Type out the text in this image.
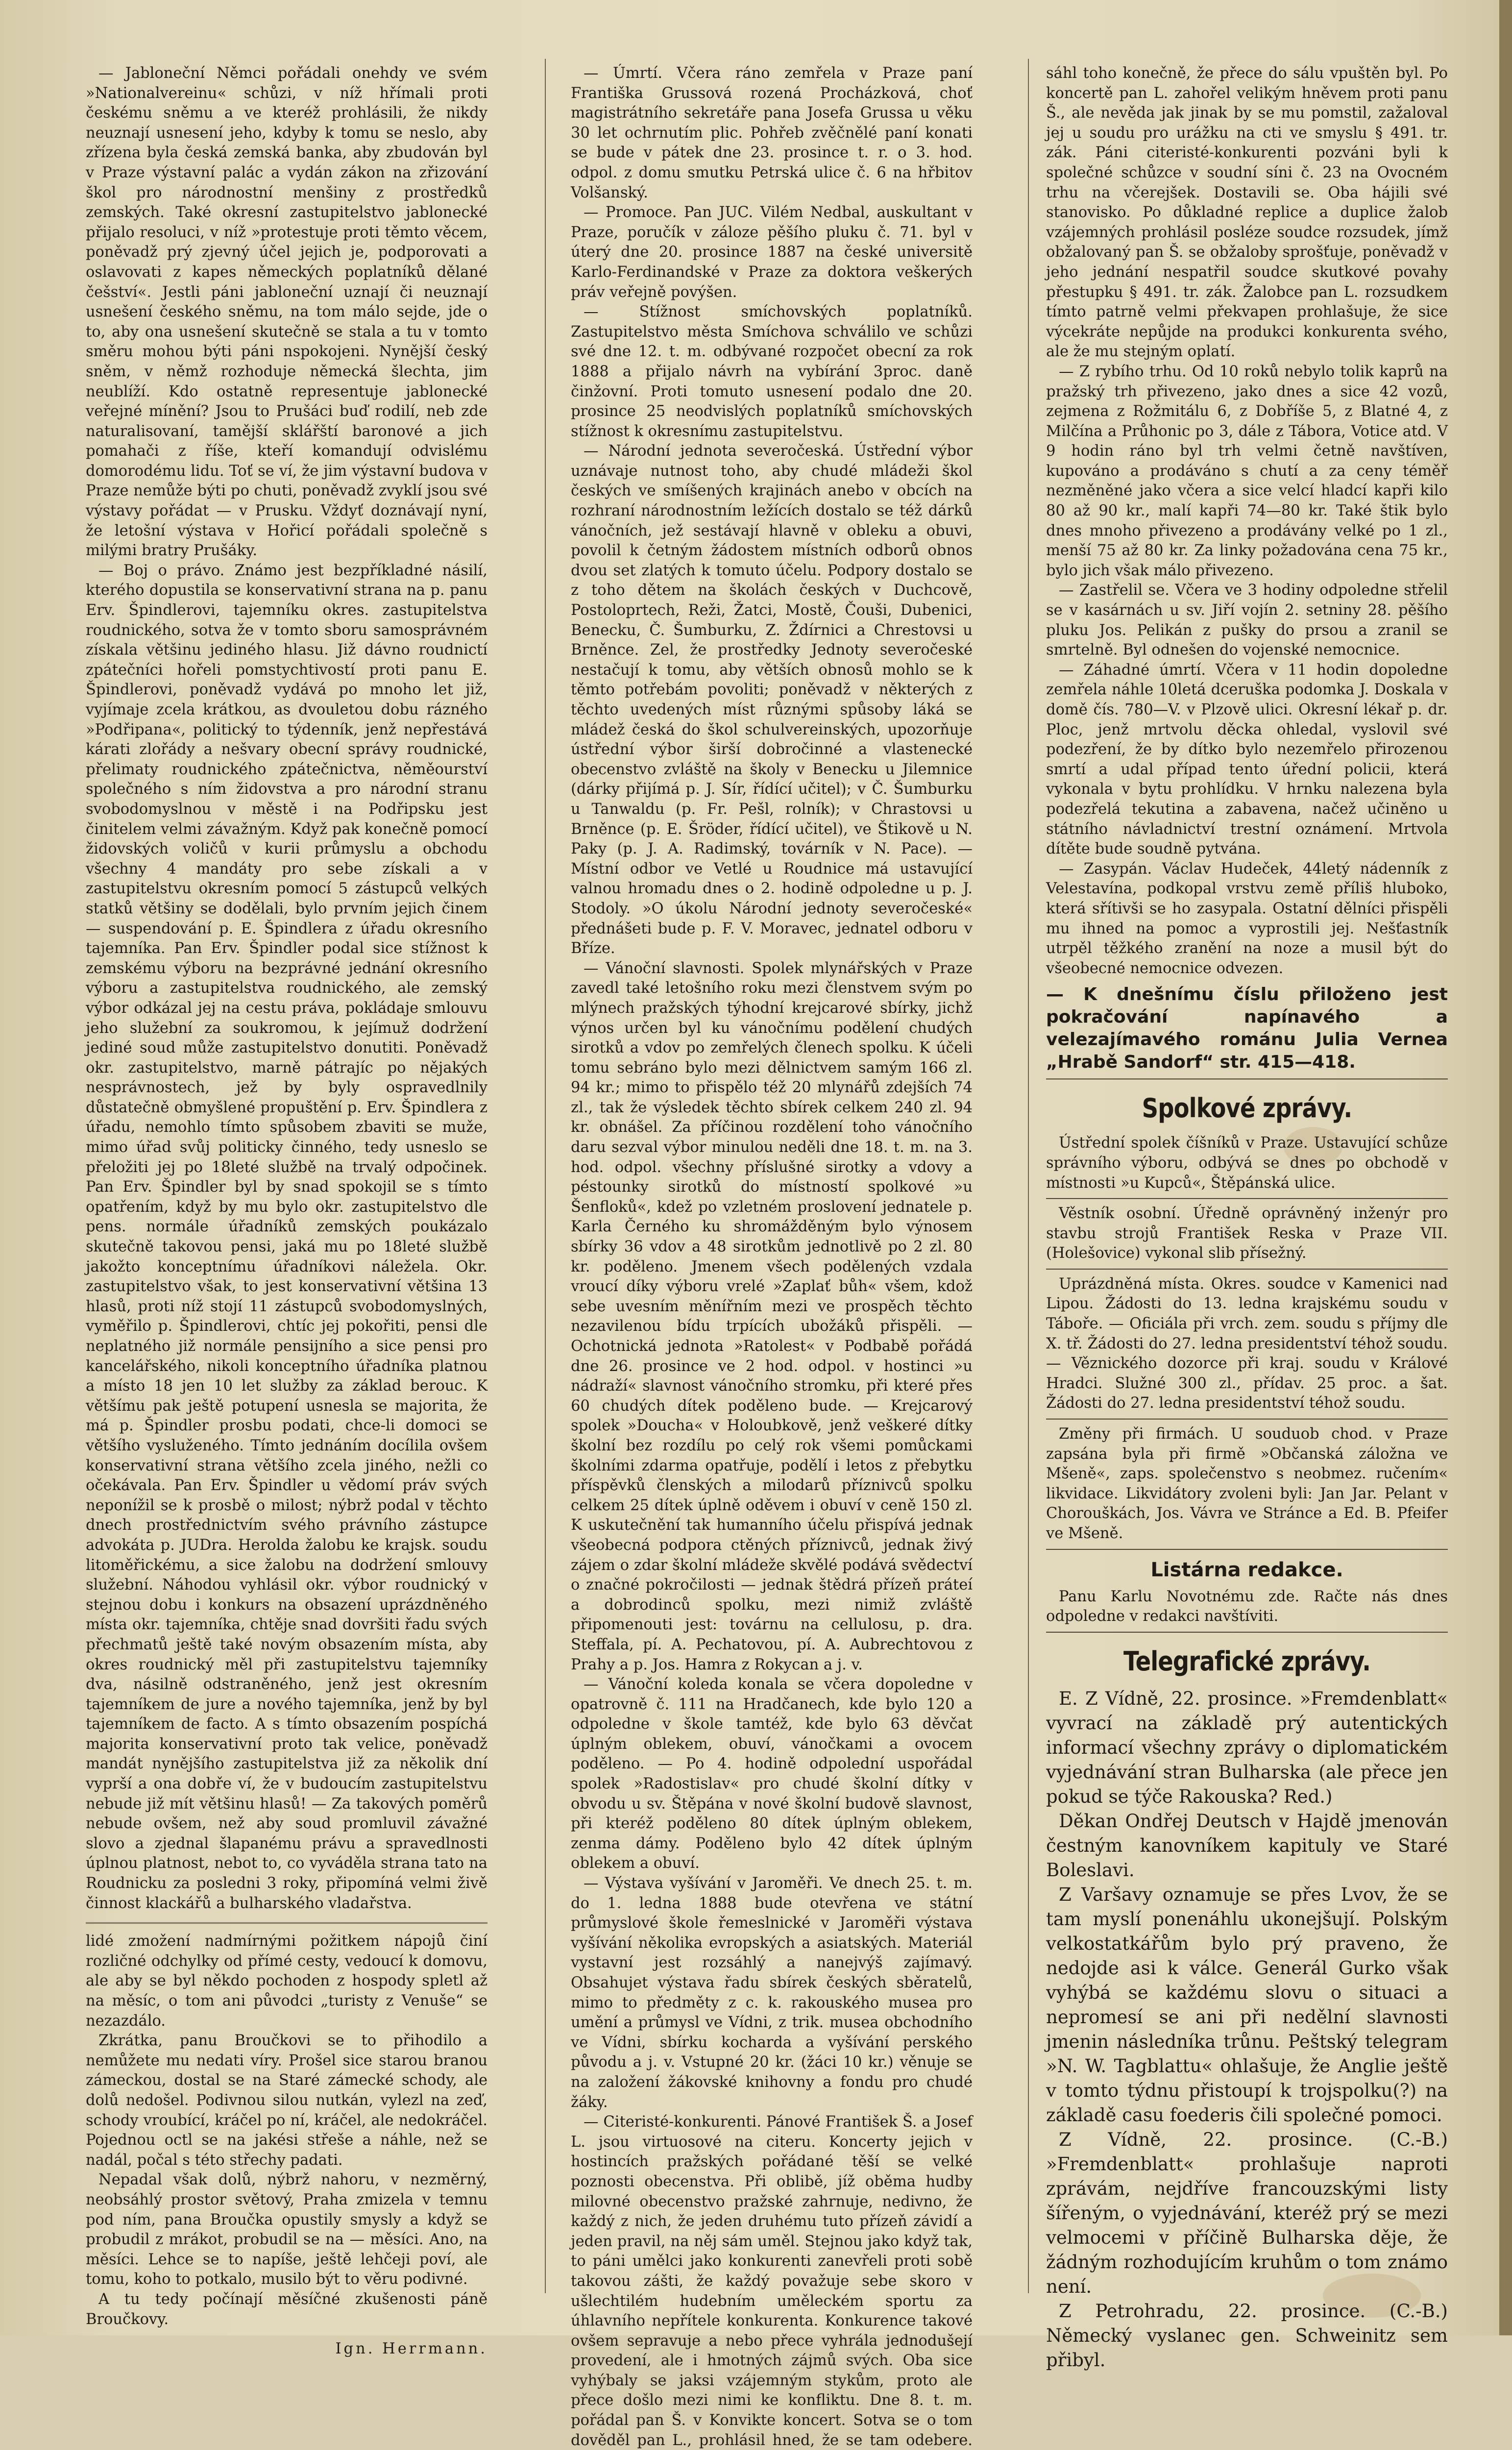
— Jabloneční Němci pořádali onehdy ve svém »Nationalvereinu« schůzi, v níž hřímali proti českému sněmu a ve kteréž prohlásili, že nikdy neuznají usnesení jeho, kdyby k tomu se neslo, aby zřízena byla česká zemská banka, aby zbudován byl v Praze výstavní palác a vydán zákon na zřizování škol pro národnostní menšiny z prostředků zemských. Také okresní zastupitelstvo jablonecké přijalo resoluci, v níž »protestuje proti těmto věcem, poněvadž prý zjevný účel jejich je, podporovati a oslavovati z kapes německých poplatníků dělané češství«. Jestli páni jabloneční uznají či neuznají usnešení českého sněmu, na tom málo sejde, jde o to, aby ona usnešení skutečně se stala a tu v tomto směru mohou býti páni nspokojeni. Nynější český sněm, v němž rozhoduje německá šlechta, jim neublíží. Kdo ostatně representuje jablonecké veřejné mínění? Jsou to Prušáci buď rodilí, neb zde naturalisovaní, tamější sklářští baronové a jich pomahači z říše, kteří komandují odvislému domorodému lidu. Toť se ví, že jim výstavní budova v Praze nemůže býti po chuti, poněvadž zvyklí jsou své výstavy pořádat — v Prusku. Vždyť doznávají nyní, že letošní výstava v Hořicí pořádali společně s milými bratry Prušáky.

— Boj o právo. Známo jest bezpříkladné násilí, kterého dopustila se konservativní strana na p. panu Erv. Špindlerovi, tajemníku okres. zastupitelstva roudnického, sotva že v tomto sboru samosprávném získala většinu jediného hlasu. Již dávno roudnictí zpátečníci hořeli pomstychtivostí proti panu E. Špindlerovi, poněvadž vydává po mnoho let již, vyjímaje zcela krátkou, as dvouletou dobu rázného »Podřipana«, politický to týdenník, jenž nepřestává kárati zlořády a nešvary obecní správy roudnické, přelimaty roudnického zpátečnictva, něměourství společného s ním židovstva a pro národní stranu svobodomyslnou v městě i na Podřipsku jest činitelem velmi závažným. Když pak konečně pomocí židovských voličů v kurii průmyslu a obchodu všechny 4 mandáty pro sebe získali a v zastupitelstvu okresním pomocí 5 zástupců velkých statků většiny se dodělali, bylo prvním jejich činem — suspendování p. E. Špindlera z úřadu okresního tajemníka. Pan Erv. Špindler podal sice stížnost k zemskému výboru na bezprávné jednání okresního výboru a zastupitelstva roudnického, ale zemský výbor odkázal jej na cestu práva, pokládaje smlouvu jeho služební za soukromou, k jejímuž dodržení jediné soud může zastupitelstvo donutiti. Poněvadž okr. zastupitelstvo, marně pátrajíc po nějakých nesprávnostech, jež by byly ospravedlnily důstatečně obmyšlené propuštění p. Erv. Špindlera z úřadu, nemohlo tímto spůsobem zbaviti se muže, mimo úřad svůj politicky činného, tedy usneslo se přeložiti jej po 18leté službě na trvalý odpočinek. Pan Erv. Špindler byl by snad spokojil se s tímto opatřením, když by mu bylo okr. zastupitelstvo dle pens. normále úřadníků zemských poukázalo skutečně takovou pensi, jaká mu po 18leté službě jakožto konceptnímu úřadníkovi náležela. Okr. zastupitelstvo však, to jest konservativní většina 13 hlasů, proti níž stojí 11 zástupců svobodomyslných, vyměřilo p. Špindlerovi, chtíc jej pokořiti, pensi dle neplatného již normále pensijního a sice pensi pro kancelářského, nikoli konceptního úřadníka platnou a místo 18 jen 10 let služby za základ berouc. K většímu pak ještě potupení usnesla se majorita, že má p. Špindler prosbu podati, chce-li domoci se většího vysluženého. Tímto jednáním docílila ovšem konservativní strana většího zcela jiného, nežli co očekávala. Pan Erv. Špindler u vědomí práv svých neponížil se k prosbě o milost; nýbrž podal v těchto dnech prostřednictvím svého právního zástupce advokáta p. JUDra. Herolda žalobu ke krajsk. soudu litoměřickému, a sice žalobu na dodržení smlouvy služební. Náhodou vyhlásil okr. výbor roudnický v stejnou dobu i konkurs na obsazení uprázdněného místa okr. tajemníka, chtěje snad dovršiti řadu svých přechmatů ještě také novým obsazením místa, aby okres roudnický měl při zastupitelstvu tajemníky dva, násilně odstraněného, jenž jest okresním tajemníkem de jure a nového tajemníka, jenž by byl tajemníkem de facto. A s tímto obsazením pospíchá majorita konservativní proto tak velice, poněvadž mandát nynějšího zastupitelstva již za několik dní vyprší a ona dobře ví, že v budoucím zastupitelstvu nebude již mít většinu hlasů! — Za takových poměrů nebude ovšem, než aby soud promluvil závažné slovo a zjednal šlapanému právu a spravedlnosti úplnou platnost, nebot to, co vyváděla strana tato na Roudnicku za posledni 3 roky, připomíná velmi živě činnost klackářů a bulharského vladařstva.

lidé zmožení nadmírnými požitkem nápojů činí rozličné odchylky od přímé cesty, vedoucí k domovu, ale aby se byl někdo pochoden z hospody spletl až na měsíc, o tom ani původci „turisty z Venuše“ se nezazdálo.

Zkrátka, panu Broučkovi se to přihodilo a nemůžete mu nedati víry. Prošel sice starou branou zámeckou, dostal se na Staré zámecké schody, ale dolů nedošel. Podivnou silou nutkán, vylezl na zeď, schody vroubící, kráčel po ní, kráčel, ale nedokráčel. Pojednou octl se na jakési střeše a náhle, než se nadál, počal s této střechy padati.

Nepadal však dolů, nýbrž nahoru, v nezměrný, neobsáhlý prostor světový, Praha zmizela v temnu pod ním, pana Broučka opustily smysly a když se probudil z mrákot, probudil se na — měsíci. Ano, na měsíci. Lehce se to napíše, ještě lehčeji poví, ale tomu, koho to potkalo, musilo být to věru podivné.

A tu tedy počínají měsíčné zkušenosti páně Broučkovy.

Ign. Herrmann.

— Úmrtí. Včera ráno zemřela v Praze paní Františka Grussová rozená Procházková, choť magistrátního sekretáře pana Josefa Grussa u věku 30 let ochrnutím plic. Pohřeb zvěčnělé paní konati se bude v pátek dne 23. prosince t. r. o 3. hod. odpol. z domu smutku Petrská ulice č. 6 na hřbitov Volšanský.

— Promoce. Pan JUC. Vilém Nedbal, auskultant v Praze, poručík v záloze pěšího pluku č. 71. byl v úterý dne 20. prosince 1887 na české universitě Karlo-Ferdinandské v Praze za doktora veškerých práv veřejně povýšen.

— Stížnost smíchovských poplatníků. Zastupitelstvo města Smíchova schválilo ve schůzi své dne 12. t. m. odbývané rozpočet obecní za rok 1888 a přijalo návrh na vybírání 3proc. daně činžovní. Proti tomuto usnesení podalo dne 20. prosince 25 neodvislých poplatníků smíchovských stížnost k okresnímu zastupitelstvu.

— Národní jednota severočeská. Ústřední výbor uznávaje nutnost toho, aby chudé mládeži škol českých ve smíšených krajinách anebo v obcích na rozhraní národnostním ležících dostalo se též dárků vánočních, jež sestávají hlavně v obleku a obuvi, povolil k četným žádostem místních odborů obnos dvou set zlatých k tomuto účelu. Podpory dostalo se z toho dětem na školách českých v Duchcově, Postoloprtech, Reži, Žatci, Mostě, Čouši, Dubenici, Benecku, Č. Šumburku, Z. Ždírnici a Chrestovsi u Brněnce. Zel, že prostředky Jednoty severočeské nestačují k tomu, aby větších obnosů mohlo se k těmto potřebám povoliti; poněvadž v některých z těchto uvedených míst různými spůsoby láká se mládež česká do škol schulvereinských, upozorňuje ústřední výbor širší dobročinné a vlastenecké obecenstvo zvláště na školy v Benecku u Jilemnice (dárky přijímá p. J. Sír, řídící učitel); v Č. Šumburku u Tanwaldu (p. Fr. Pešl, rolník); v Chrastovsi u Brněnce (p. E. Šröder, řídící učitel), ve Štikově u N. Paky (p. J. A. Radimský, továrník v N. Pace). — Místní odbor ve Vetlé u Roudnice má ustavující valnou hromadu dnes o 2. hodině odpoledne u p. J. Stodoly. »O úkolu Národní jednoty severočeské« přednášeti bude p. F. V. Moravec, jednatel odboru v Bříze.

— Vánoční slavnosti. Spolek mlynářských v Praze zavedl také letošního roku mezi členstvem svým po mlýnech pražských týhodní krejcarové sbírky, jichž výnos určen byl ku vánočnímu podělení chudých sirotků a vdov po zemřelých členech spolku. K účeli tomu sebráno bylo mezi dělnictvem samým 166 zl. 94 kr.; mimo to přispělo též 20 mlynářů zdejších 74 zl., tak že výsledek těchto sbírek celkem 240 zl. 94 kr. obnášel. Za příčinou rozdělení toho vánočního daru sezval výbor minulou neděli dne 18. t. m. na 3. hod. odpol. všechny příslušné sirotky a vdovy a péstounky sirotků do místností spolkové »u Šenfloků«, kdež po vzletném proslovení jednatele p. Karla Černého ku shromážděným bylo výnosem sbírky 36 vdov a 48 sirotkům jednotlivě po 2 zl. 80 kr. poděleno. Jmenem všech podělených vzdala vroucí díky výboru vrelé »Zaplať bůh« všem, kdož sebe uvesním měnířním mezi ve prospěch těchto nezavilenou bídu trpících ubožáků přispěli. — Ochotnická jednota »Ratolest« v Podbabě pořádá dne 26. prosince ve 2 hod. odpol. v hostinci »u nádraží« slavnost vánočního stromku, při které přes 60 chudých dítek poděleno bude. — Krejcarový spolek »Doucha« v Holoubkově, jenž veškeré dítky školní bez rozdílu po celý rok všemi pomůckami školními zdarma opatřuje, podělí i letos z přebytku příspěvků členských a milodarů příznivců spolku celkem 25 dítek úplně oděvem i obuví v ceně 150 zl. K uskutečnění tak humanního účelu přispívá jednak všeobecná podpora ctěných příznivců, jednak živý zájem o zdar školní mládeže skvělé podává svědectví o značné pokročilosti — jednak štědrá přízeň práteí a dobrodinců spolku, mezi nimiž zvláště připomenouti jest: továrnu na cellulosu, p. dra. Steffala, pí. A. Pechatovou, pí. A. Aubrechtovou z Prahy a p. Jos. Hamra z Rokycan a j. v.

— Vánoční koleda konala se včera dopoledne v opatrovně č. 111 na Hradčanech, kde bylo 120 a odpoledne v škole tamtéž, kde bylo 63 děvčat úplným oblekem, obuví, vánočkami a ovocem poděleno. — Po 4. hodině odpolední uspořádal spolek »Radostislav« pro chudé školní dítky v obvodu u sv. Štěpána v nové školní budově slavnost, při kteréž poděleno 80 dítek úplným oblekem, zenma dámy. Poděleno bylo 42 dítek úplným oblekem a obuví.

— Výstava vyšívání v Jaroměři. Ve dnech 25. t. m. do 1. ledna 1888 bude otevřena ve státní průmyslové škole řemeslnické v Jaroměři výstava vyšívání několika evropských a asiatských. Materiál vystavní jest rozsáhlý a nanejvýš zajímavý. Obsahujet výstava řadu sbírek českých sběratelů, mimo to předměty z c. k. rakouského musea pro umění a průmysl ve Vídni, z trik. musea obchodního ve Vídni, sbírku kocharda a vyšívání perského původu a j. v. Vstupné 20 kr. (žáci 10 kr.) věnuje se na založení žákovské knihovny a fondu pro chudé žáky.

— Citeristé-konkurenti. Pánové František Š. a Josef L. jsou virtuosové na citeru. Koncerty jejich v hostincích pražských pořádané těší se velké poznosti obecenstva. Při oblibě, jíž oběma hudby milovné obecenstvo pražské zahrnuje, nedivno, že každý z nich, že jeden druhému tuto přízeň závidí a jeden pravil, na něj sám uměl. Stejnou jako když tak, to páni umělci jako konkurenti zanevřeli proti sobě takovou zášti, že každý považuje sebe skoro v ušlechtilém hudebním uměleckém sportu za úhlavního nepřítele konkurenta. Konkurence takové ovšem sepravuje a nebo přece vyhrála jednodušejí provedení, ale i hmotných zájmů svých. Oba sice vyhýbaly se jaksi vzájemným stykům, proto ale přece došlo mezi nimi ke konfliktu. Dne 8. t. m. pořádal pan Š. v Konvikte koncert. Sotva se o tom dověděl pan L., prohlásil hned, že se tam odebere.

sáhl toho konečně, že přece do sálu vpuštěn byl. Po koncertě pan L. zahořel velikým hněvem proti panu Š., ale nevěda jak jinak by se mu pomstil, zažaloval jej u soudu pro urážku na cti ve smyslu § 491. tr. zák. Páni citeristé-konkurenti pozváni byli k společné schůzce v soudní síni č. 23 na Ovocném trhu na včerejšek. Dostavili se. Oba hájili své stanovisko. Po důkladné replice a duplice žalob vzájemných prohlásil posléze soudce rozsudek, jímž obžalovaný pan Š. se obžaloby sprošťuje, poněvadž v jeho jednání nespatřil soudce skutkové povahy přestupku § 491. tr. zák. Žalobce pan L. rozsudkem tímto patrně velmi překvapen prohlašuje, že sice výcekráte nepůjde na produkci konkurenta svého, ale že mu stejným oplatí.

— Z rybího trhu. Od 10 roků nebylo tolik kaprů na pražský trh přivezeno, jako dnes a sice 42 vozů, zejmena z Rožmitálu 6, z Dobříše 5, z Blatné 4, z Milčína a Průhonic po 3, dále z Tábora, Votice atd. V 9 hodin ráno byl trh velmi četně navštíven, kupováno a prodáváno s chutí a za ceny téměř nezměněné jako včera a sice velcí hladcí kapři kilo 80 až 90 kr., malí kapři 74—80 kr. Také štik bylo dnes mnoho přivezeno a prodávány velké po 1 zl., menší 75 až 80 kr. Za linky požadována cena 75 kr., bylo jich však málo přivezeno.

— Zastřelil se. Včera ve 3 hodiny odpoledne střelil se v kasárnách u sv. Jiří vojín 2. setniny 28. pěšího pluku Jos. Pelikán z pušky do prsou a zranil se smrtelně. Byl odnešen do vojenské nemocnice.

— Záhadné úmrtí. Včera v 11 hodin dopoledne zemřela náhle 10letá dceruška podomka J. Doskala v domě čís. 780—V. v Plzově ulici. Okresní lékař p. dr. Ploc, jenž mrtvolu děcka ohledal, vyslovil své podezření, že by dítko bylo nezemřelo přirozenou smrtí a udal případ tento úřední policii, která vykonala v bytu prohlídku. V hrnku nalezena byla podezřelá tekutina a zabavena, načež učiněno u státního návladnictví trestní oznámení. Mrtvola dítěte bude soudně pytvána.

— Zasypán. Václav Hudeček, 44letý nádenník z Velestavína, podkopal vrstvu země příliš hluboko, která sřítivši se ho zasypala. Ostatní dělníci přispěli mu ihned na pomoc a vyprostili jej. Nešťastník utrpěl těžkého zranění na noze a musil být do všeobecné nemocnice odvezen.

— K dnešnímu číslu přiloženo jest pokračování napínavého a velezajímavého románu Julia Vernea „Hrabě Sandorf“ str. 415—418.
Spolkové zprávy.

Ústřední spolek číšníků v Praze. Ustavující schůze správního výboru, odbývá se dnes po obchodě v místnosti »u Kupců«, Štěpánská ulice.

Věstník osobní. Úředně oprávněný inženýr pro stavbu strojů František Reska v Praze VII. (Holešovice) vykonal slib přísežný.

Uprázdněná místa. Okres. soudce v Kamenici nad Lipou. Žádosti do 13. ledna krajskému soudu v Táboře. — Oficiála při vrch. zem. soudu s příjmy dle X. tř. Žádosti do 27. ledna presidentství téhož soudu. — Věznického dozorce při kraj. soudu v Králové Hradci. Služné 300 zl., přídav. 25 proc. a šat. Žádosti do 27. ledna presidentství téhož soudu.

Změny při firmách. U souduob chod. v Praze zapsána byla při firmě »Občanská záložna ve Mšeně«, zaps. společenstvo s neobmez. ručením« likvidace. Likvidátory zvoleni byli: Jan Jar. Pelant v Chorouškách, Jos. Vávra ve Stránce a Ed. B. Pfeifer ve Mšeně.

Listárna redakce.

Panu Karlu Novotnému zde. Račte nás dnes odpoledne v redakci navštíviti.

Telegrafické zprávy.

E. Z Vídně, 22. prosince. »Fremdenblatt« vyvrací na základě prý autentických informací všechny zprávy o diplomatickém vyjednávání stran Bulharska (ale přece jen pokud se týče Rakouska? Red.)

Děkan Ondřej Deutsch v Hajdě jmenován čestným kanovníkem kapituly ve Staré Boleslavi.

Z Varšavy oznamuje se přes Lvov, že se tam myslí ponenáhlu ukonejšují. Polským velkostatkářům bylo prý praveno, že nedojde asi k válce. Generál Gurko však vyhýbá se každému slovu o situaci a nepromesí se ani při nedělní slavnosti jmenin následníka trůnu. Peštský telegram »N. W. Tagblattu« ohlašuje, že Anglie ještě v tomto týdnu přistoupí k trojspolku(?) na základě casu foederis čili společné pomoci.

Z Vídně, 22. prosince. (C.-B.) »Fremdenblatt« prohlašuje naproti zprávám, nejdříve francouzskými listy šířeným, o vyjednávání, kteréž prý se mezi velmocemi v příčině Bulharska děje, že žádným rozhodujícím kruhům o tom známo není.

Z Petrohradu, 22. prosince. (C.-B.) Německý vyslanec gen. Schweinitz sem přibyl.
